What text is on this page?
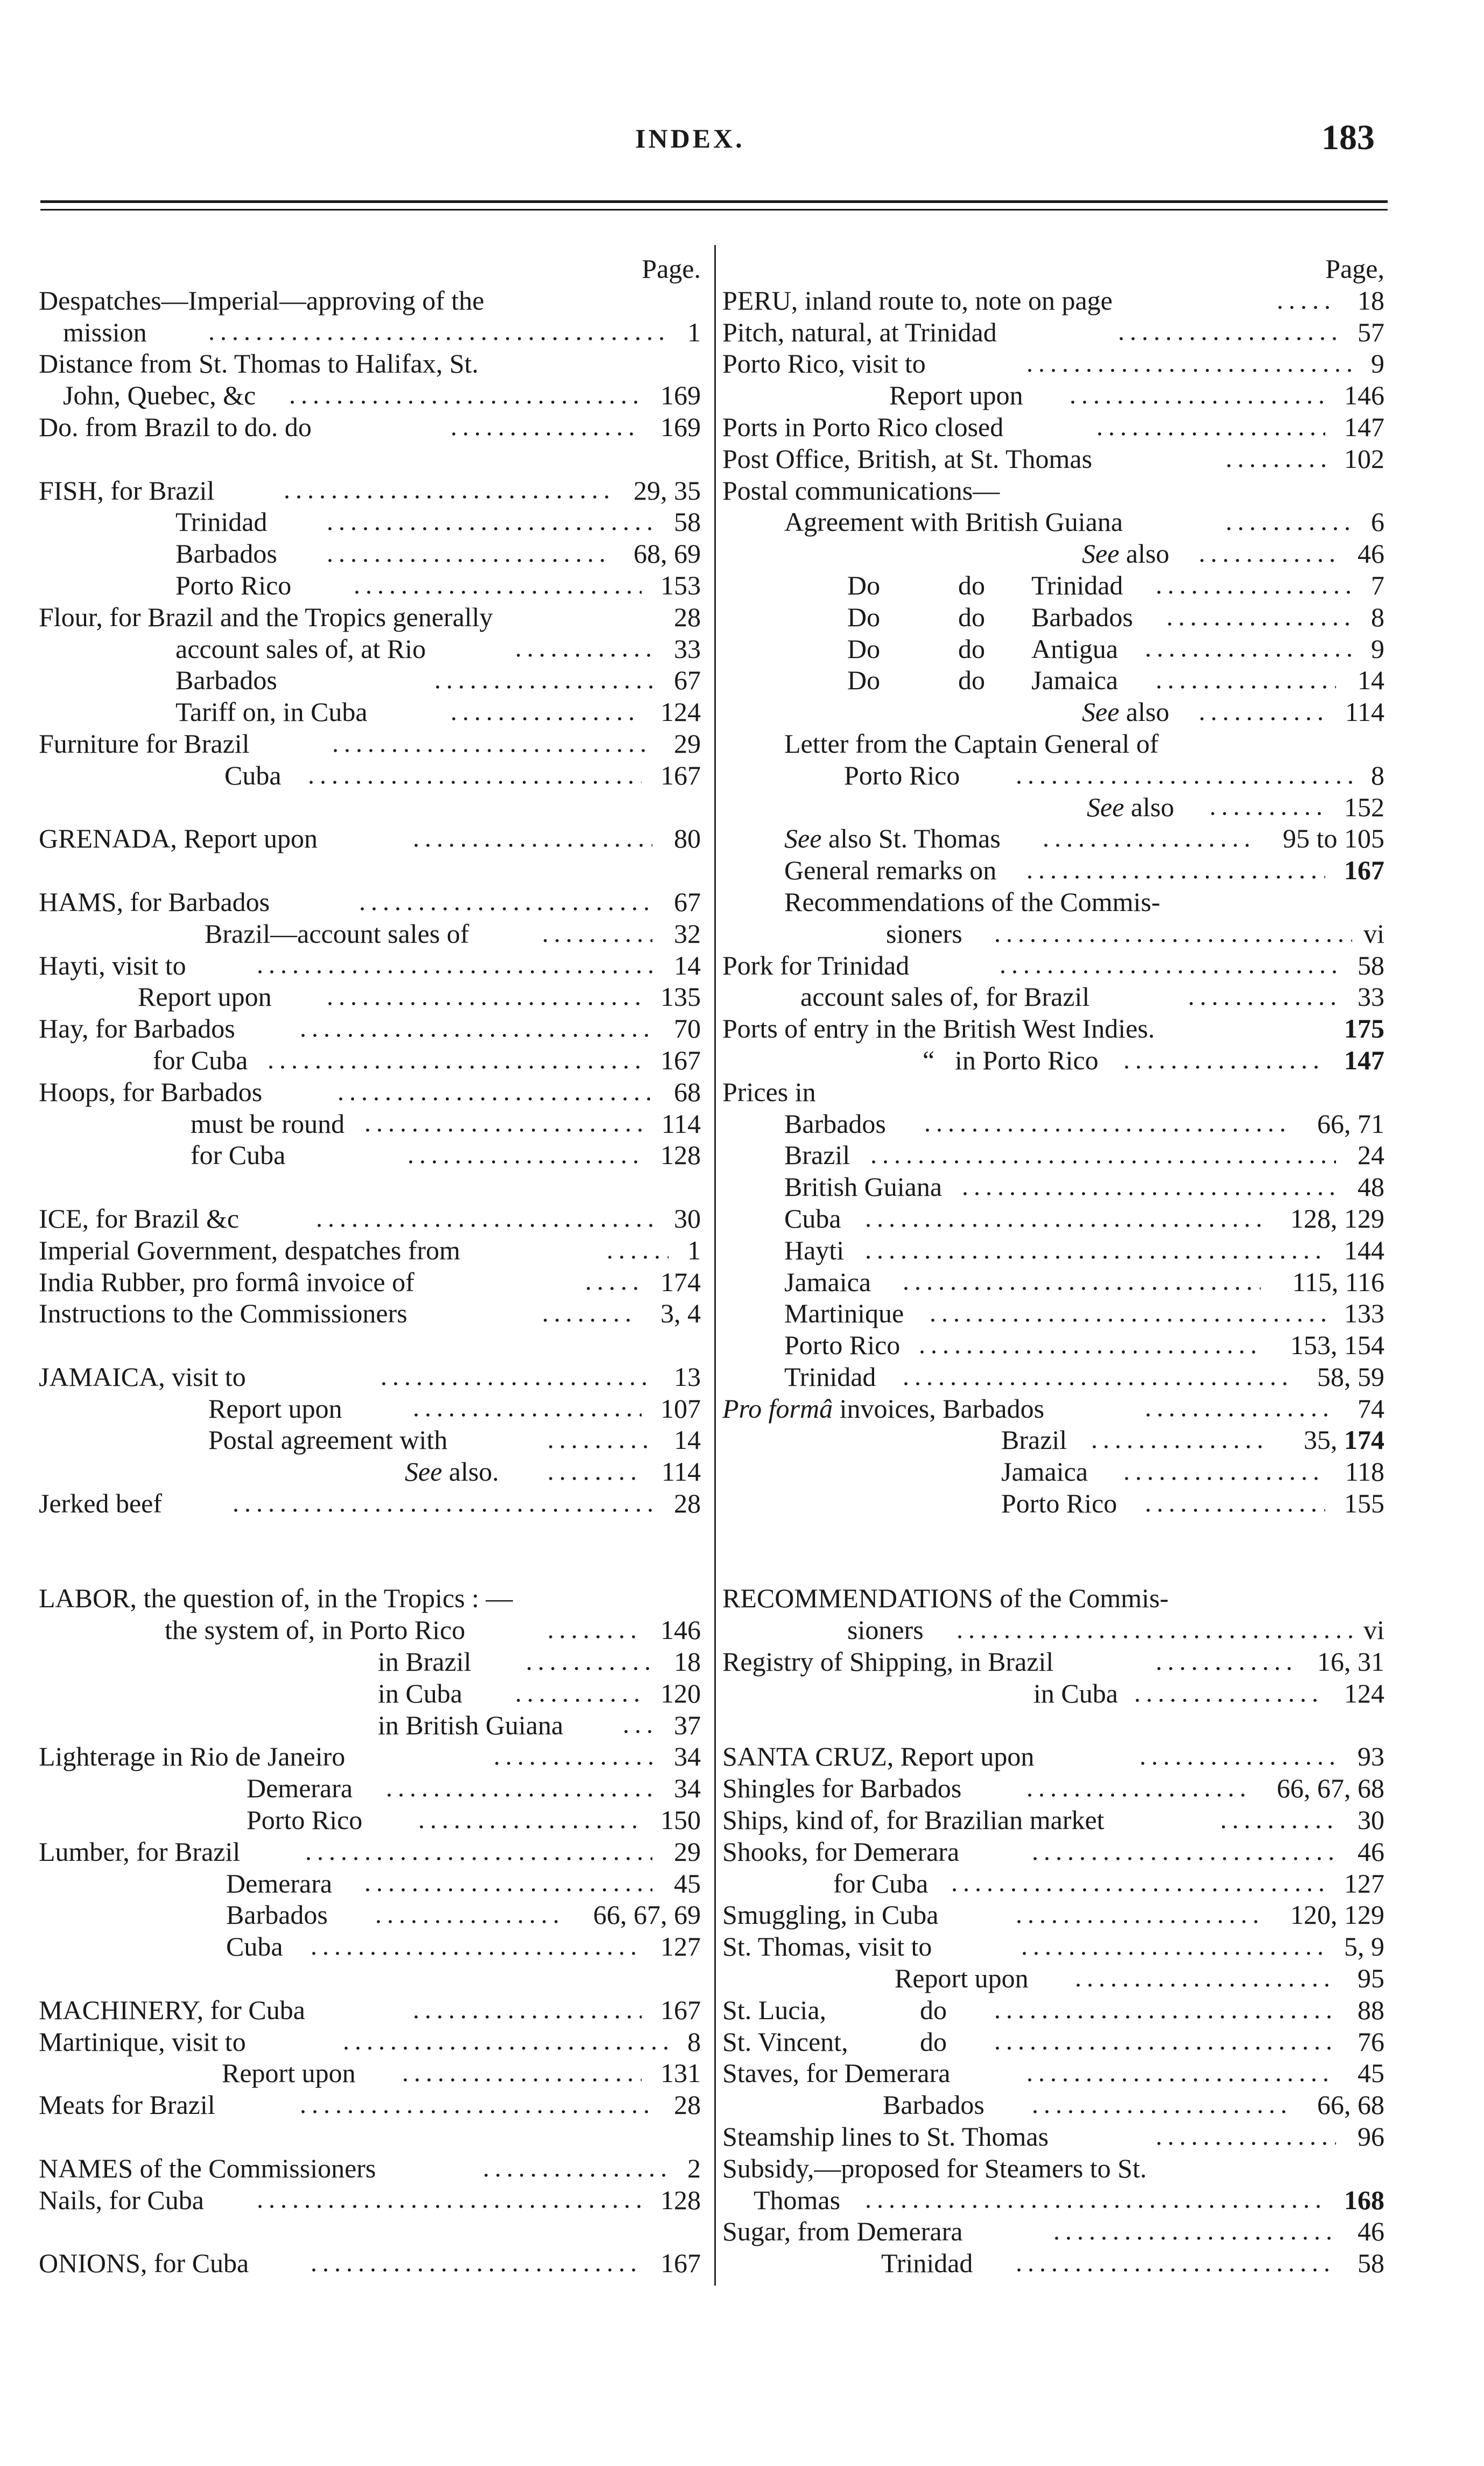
INDEX.	183
Page.
Despatches—Imperial—approving of the
mission	1
Distance from St. Thomas to Halifax, St.
John, Quebec, &c	169
Do. from Brazil to do. do	169
FISH, for Brazil	29, 35
Trinidad	58
Barbados	68, 69
Porto Rico	153
Flour, for Brazil and the Tropics generally	28
account sales of, at Rio	33
Barbados	67
Tariff on, in Cuba	124
Furniture for Brazil	29
Cuba	167
GRENADA, Report upon	80
HAMS, for Barbados	67
Brazil—account sales of	32
Hayti, visit to	14
Report upon	135
Hay, for Barbados	70
for Cuba	167
Hoops, for Barbados	68
must be round	114
for Cuba	128
ICE, for Brazil &c	30
Imperial Government, despatches from	1
India Rubber, pro formâ invoice of	174
Instructions to the Commissioners	3, 4
JAMAICA, visit to	13
Report upon	107
Postal agreement with	14
See also.	114
Jerked beef	28
LABOR, the question of, in the Tropics : —
the system of, in Porto Rico	146
in Brazil	18
in Cuba	120
in British Guiana	37
Lighterage in Rio de Janeiro	34
Demerara	34
Porto Rico	150
Lumber, for Brazil	29
Demerara	45
Barbados	66, 67, 69
Cuba	127
MACHINERY, for Cuba	167
Martinique, visit to	8
Report upon	131
Meats for Brazil	28
NAMES of the Commissioners	2
Nails, for Cuba	128
ONIONS, for Cuba	167
Page,
PERU, inland route to, note on page	18
Pitch, natural, at Trinidad	57
Porto Rico, visit to	9
Report upon	146
Ports in Porto Rico closed	147
Post Office, British, at St. Thomas	102
Postal communications—
Agreement with British Guiana	6
See also	46
Do	do Trinidad	7
Do	do Barbados	8
Do	do Antigua	9
Do	do Jamaica	14
See also	114
Letter from the Captain General of
Porto Rico	8
See also	152
See also St. Thomas	95 to 105
General remarks on	167
Recommendations of the Commis-
sioners	vi
Pork for Trinidad	58
account sales of, for Brazil	33
Ports of entry in the British West Indies.	175
“ in Porto Rico	147
Prices in
Barbados	66, 71
Brazil	24
British Guiana	48
Cuba	128, 129
Hayti	144
Jamaica	115, 116
Martinique	133
Porto Rico	153, 154
Trinidad	58, 59
Pro formâ invoices, Barbados	74
Brazil	35, 174
Jamaica	118
Porto Rico	155
RECOMMENDATIONS of the Commis-
sioners	vi
Registry of Shipping, in Brazil	16, 31
in Cuba	124
SANTA CRUZ, Report upon	93
Shingles for Barbados	66, 67, 68
Ships, kind of, for Brazilian market	30
Shooks, for Demerara	46
for Cuba	127
Smuggling, in Cuba	120, 129
St. Thomas, visit to	5, 9
Report upon	95
St. Lucia,	do	88
St. Vincent,	do	76
Staves, for Demerara	45
Barbados	66, 68
Steamship lines to St. Thomas	96
Subsidy,—proposed for Steamers to St.
Thomas	168
Sugar, from Demerara	46
Trinidad	58
